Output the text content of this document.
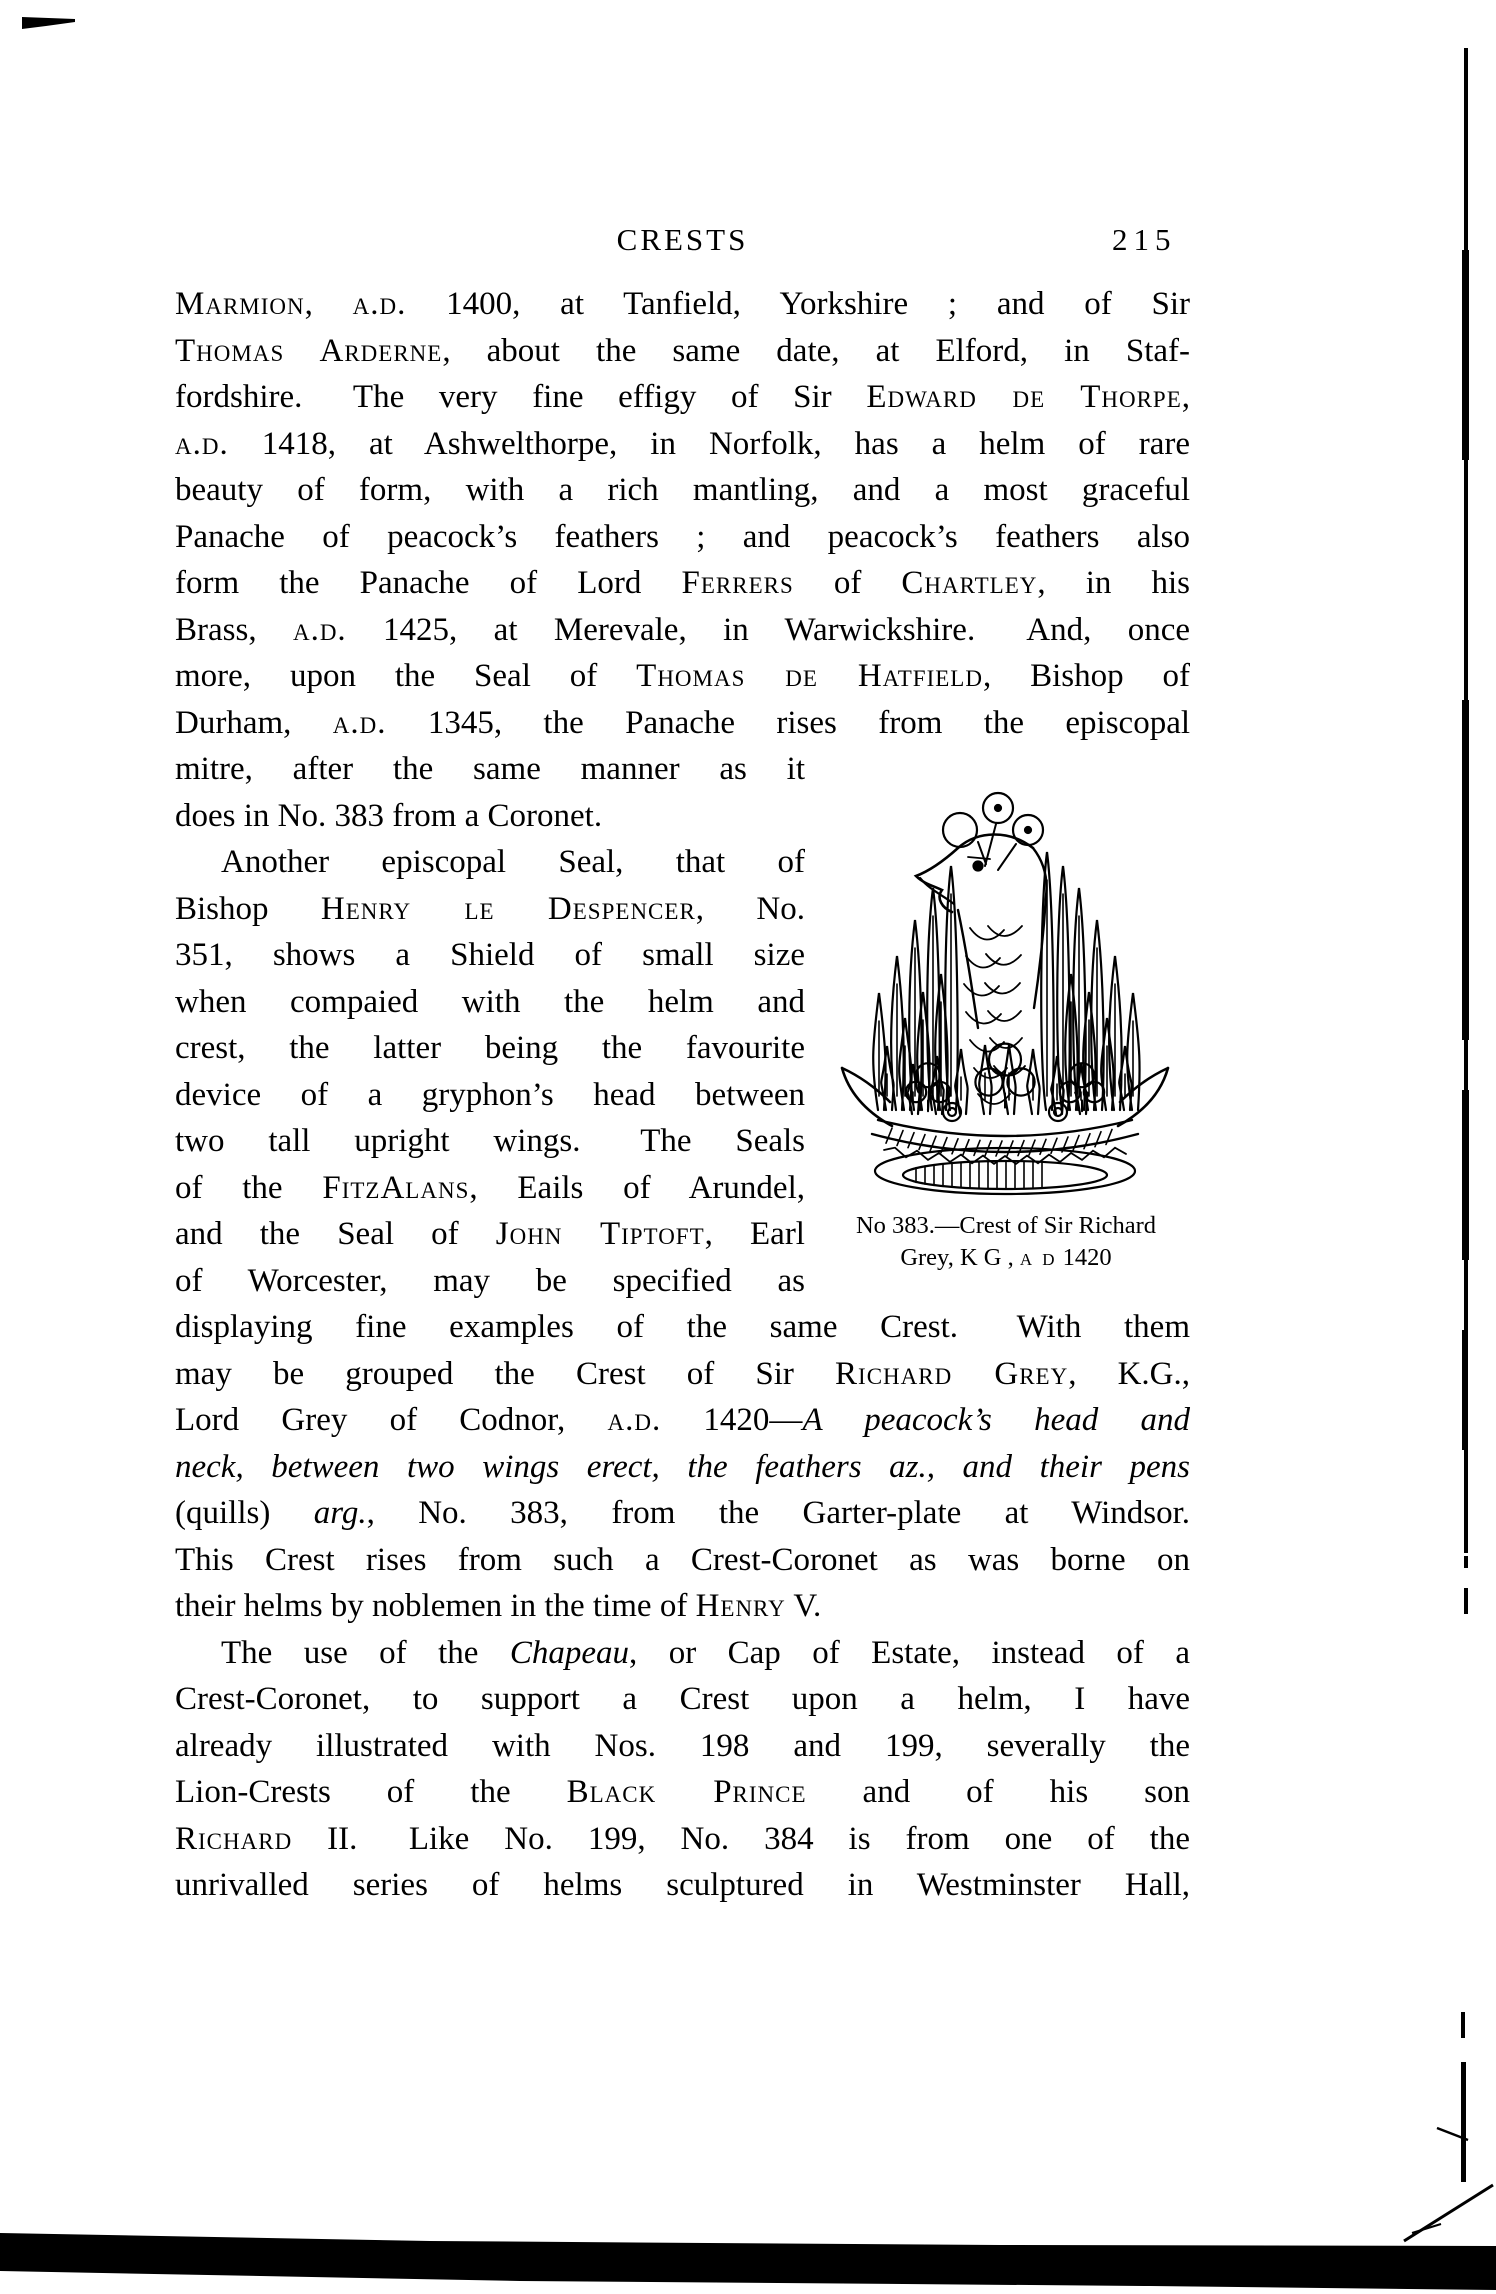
CRESTS	215
Marmion, a.d. 1400, at Tanfield, Yorkshire ; and of Sir
Thomas Arderne, about the same date, at Elford, in Staf-
fordshire.  The very fine effigy of Sir Edward de Thorpe,
a.d. 1418, at Ashwelthorpe, in Norfolk, has a helm of rare
beauty of form, with a rich mantling, and a most graceful
Panache of peacock’s feathers ; and peacock’s feathers also
form the Panache of Lord Ferrers of Chartley, in his
Brass, a.d. 1425, at Merevale, in Warwickshire.  And, once
more, upon the Seal of Thomas de Hatfield, Bishop of
Durham, a.d. 1345, the Panache rises from the episcopal
mitre, after the same manner as it
does in No. 383 from a Coronet.
Another episcopal Seal, that of
Bishop Henry le Despencer, No.
351, shows a Shield of small size
when compaied with the helm and
crest, the latter being the favourite
device of a gryphon’s head between
two tall upright wings.  The Seals
of the FitzAlans, Eails of Arundel,
and the Seal of John Tiptoft, Earl
of Worcester, may be specified as
displaying fine examples of the same Crest.  With them
may be grouped the Crest of Sir Richard Grey, K.G.,
Lord Grey of Codnor, a.d. 1420—A peacock’s head and
neck, between two wings erect, the feathers az., and their pens
(quills) arg., No. 383, from the Garter-plate at Windsor.
This Crest rises from such a Crest-Coronet as was borne on
their helms by noblemen in the time of Henry V.
The use of the Chapeau, or Cap of Estate, instead of a
Crest-Coronet, to support a Crest upon a helm, I have
already illustrated with Nos. 198 and 199, severally the
Lion-Crests of the Black Prince and of his son
Richard II.  Like No. 199, No. 384 is from one of the
unrivalled series of helms sculptured in Westminster Hall,
No 383.—Crest of Sir Richard
Grey, K G , a d 1420
